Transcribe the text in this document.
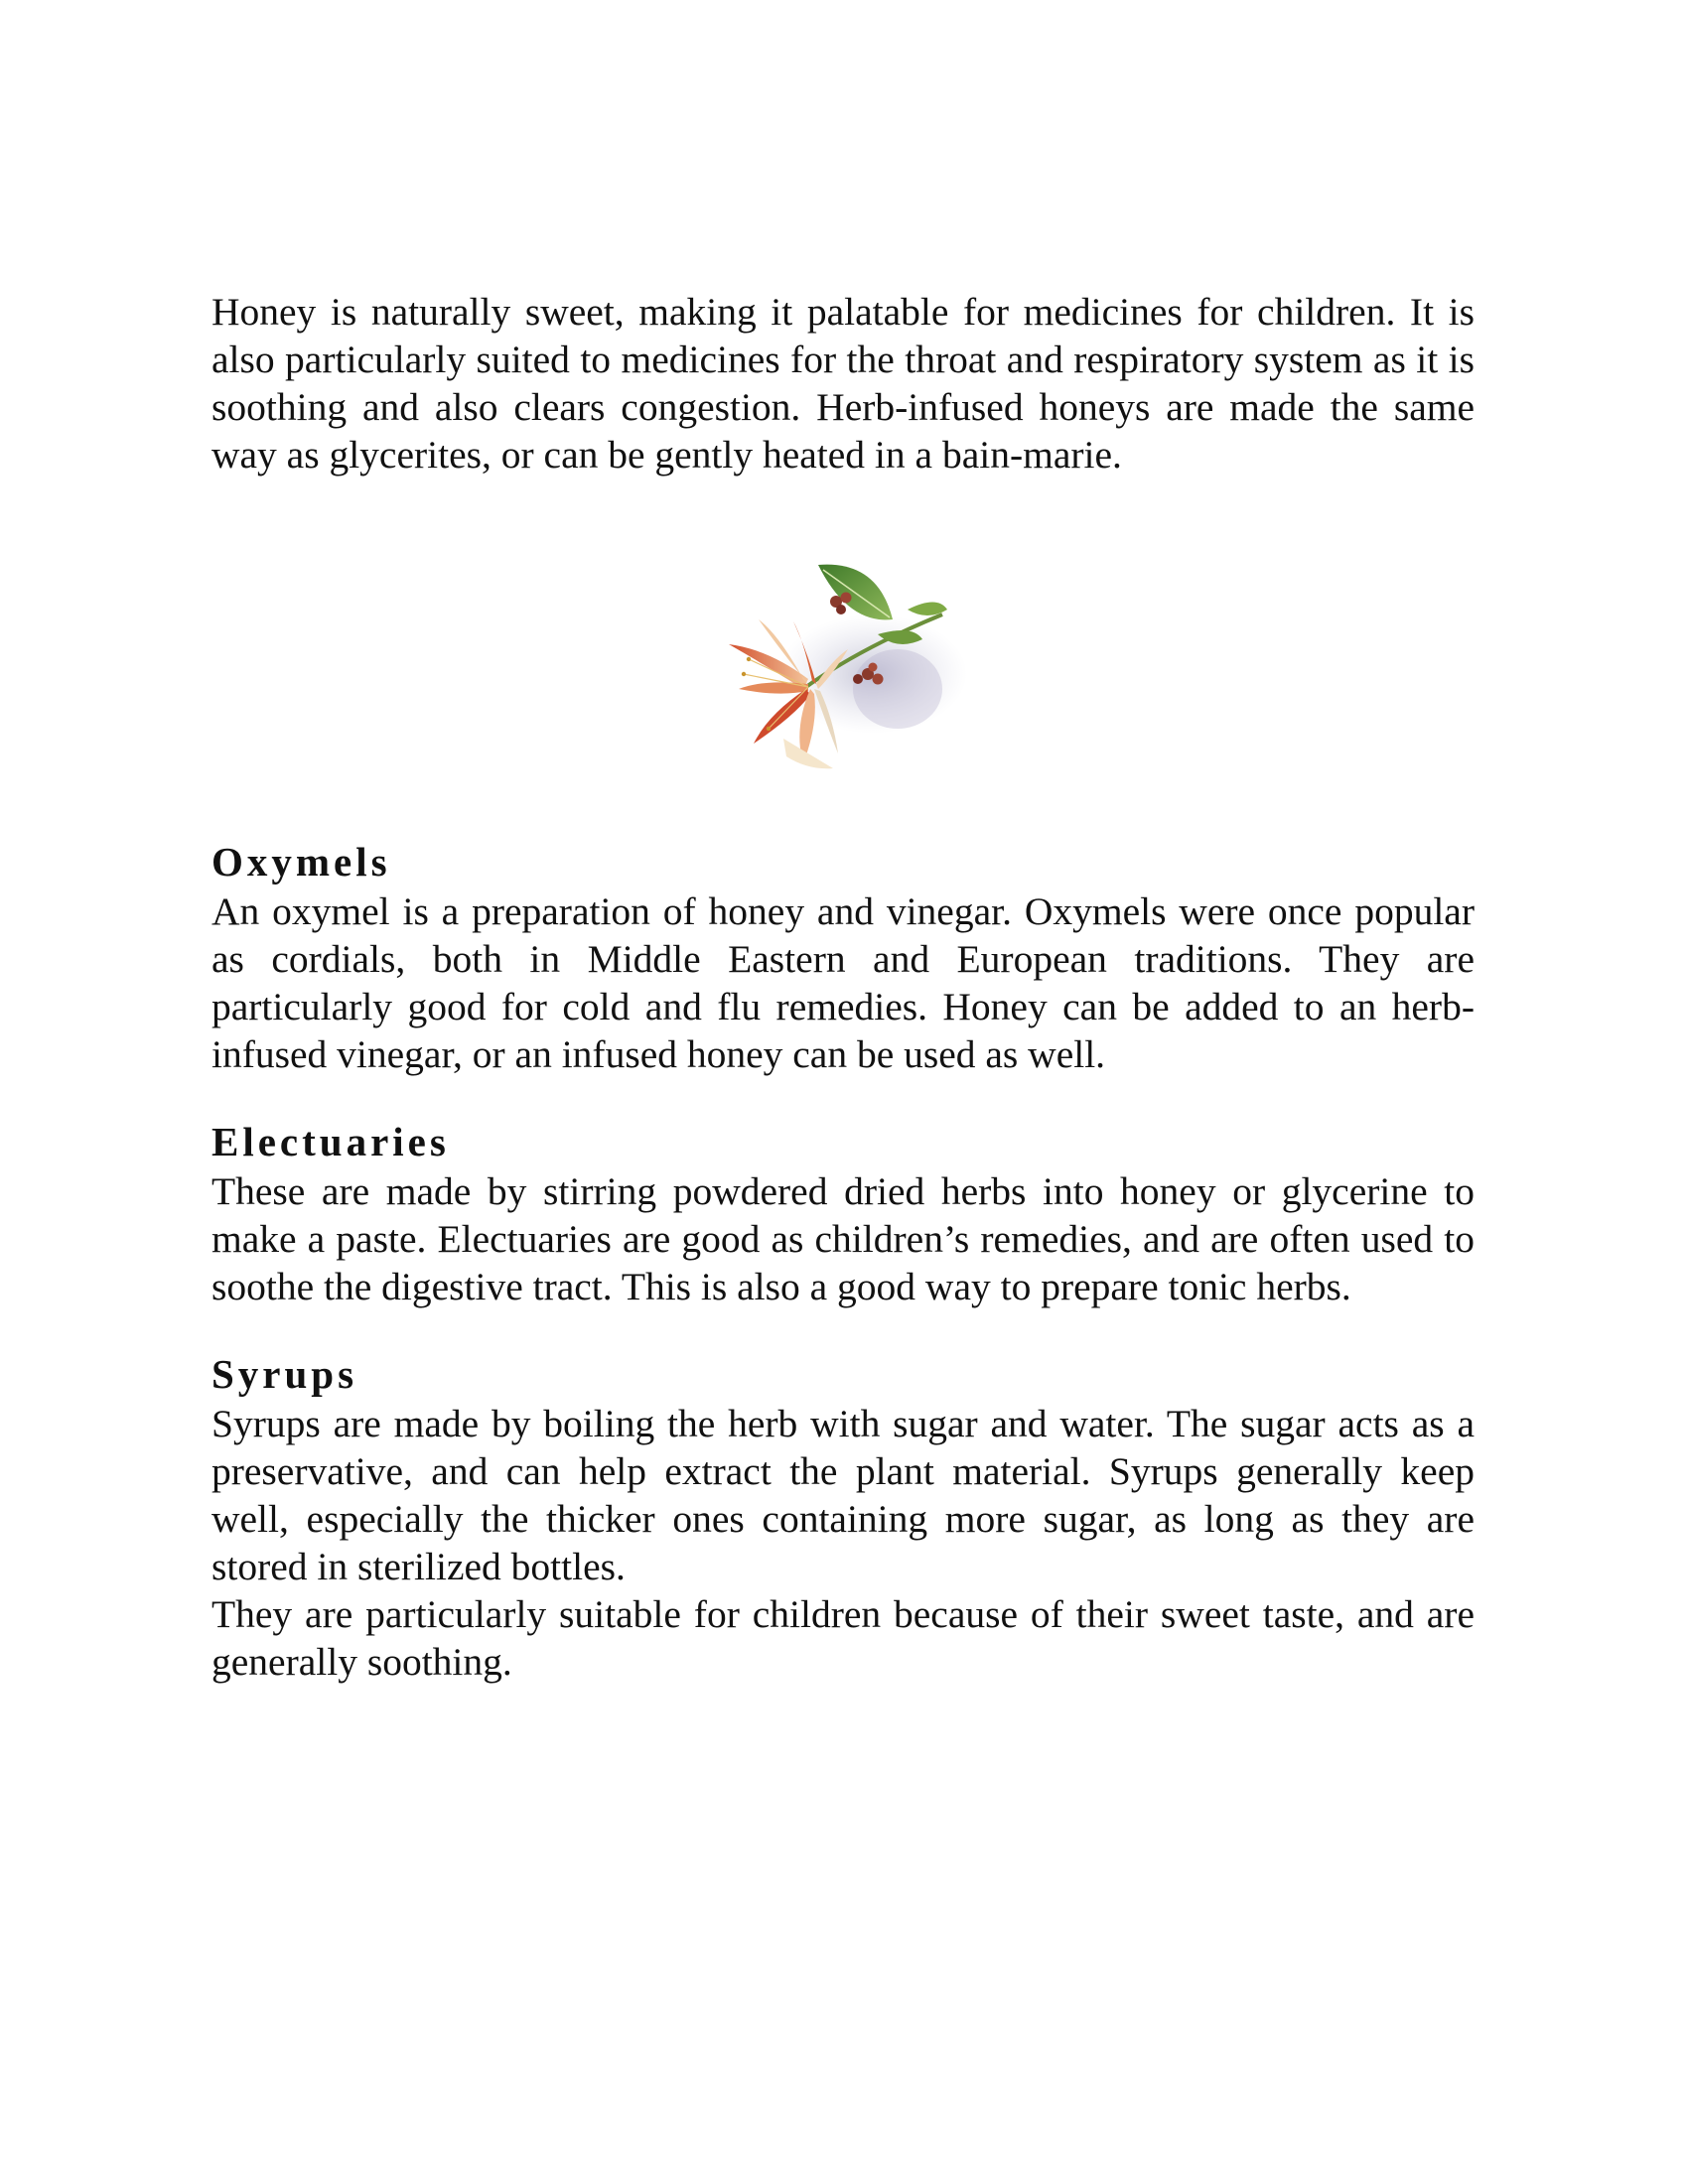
Honey is naturally sweet, making it palatable for medicines for children. It is also particularly suited to medicines for the throat and respiratory system as it is soothing and also clears congestion. Herb-infused honeys are made the same way as glycerites, or can be gently heated in a bain-marie.

Oxymels

An oxymel is a preparation of honey and vinegar. Oxymels were once popular as cordials, both in Middle Eastern and European traditions. They are particularly good for cold and flu remedies. Honey can be added to an herb-infused vinegar, or an infused honey can be used as well.

Electuaries

These are made by stirring powdered dried herbs into honey or glycerine to make a paste. Electuaries are good as children’s remedies, and are often used to soothe the digestive tract. This is also a good way to prepare tonic herbs.

Syrups

Syrups are made by boiling the herb with sugar and water. The sugar acts as a preservative, and can help extract the plant material. Syrups generally keep well, especially the thicker ones containing more sugar, as long as they are stored in sterilized bottles.

They are particularly suitable for children because of their sweet taste, and are generally soothing.
